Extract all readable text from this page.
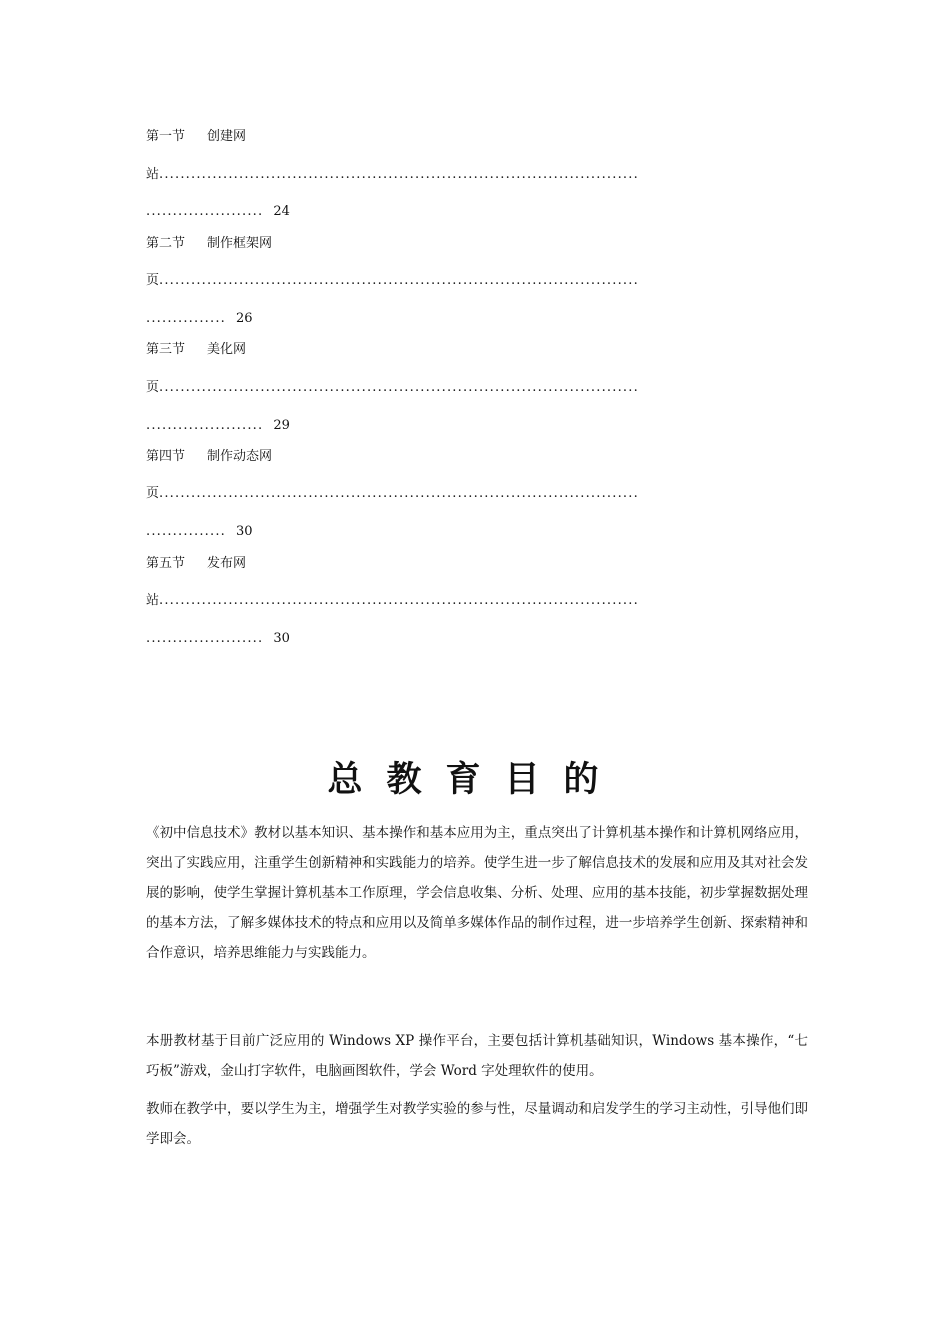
第一节 创建网
站..........................................................................................
...................... 24
第二节 制作框架网
页..........................................................................................
............... 26
第三节 美化网
页..........................................................................................
...................... 29
第四节 制作动态网
页..........................................................................................
............... 30
第五节 发布网
站..........................................................................................
...................... 30
总教育目的
《初中信息技术》教材以基本知识、基本操作和基本应用为主，重点突出了计算机基本操作和计算机网络应用，突出了实践应用，注重学生创新精神和实践能力的培养。使学生进一步了解信息技术的发展和应用及其对社会发展的影响，使学生掌握计算机基本工作原理，学会信息收集、分析、处理、应用的基本技能，初步掌握数据处理的基本方法，了解多媒体技术的特点和应用以及简单多媒体作品的制作过程，进一步培养学生创新、探索精神和合作意识，培养思维能力与实践能力。
本册教材基于目前广泛应用的 Windows XP 操作平台，主要包括计算机基础知识，Windows 基本操作，“七巧板”游戏，金山打字软件，电脑画图软件，学会 Word 字处理软件的使用。
教师在教学中，要以学生为主，增强学生对教学实验的参与性，尽量调动和启发学生的学习主动性，引导他们即学即会。
